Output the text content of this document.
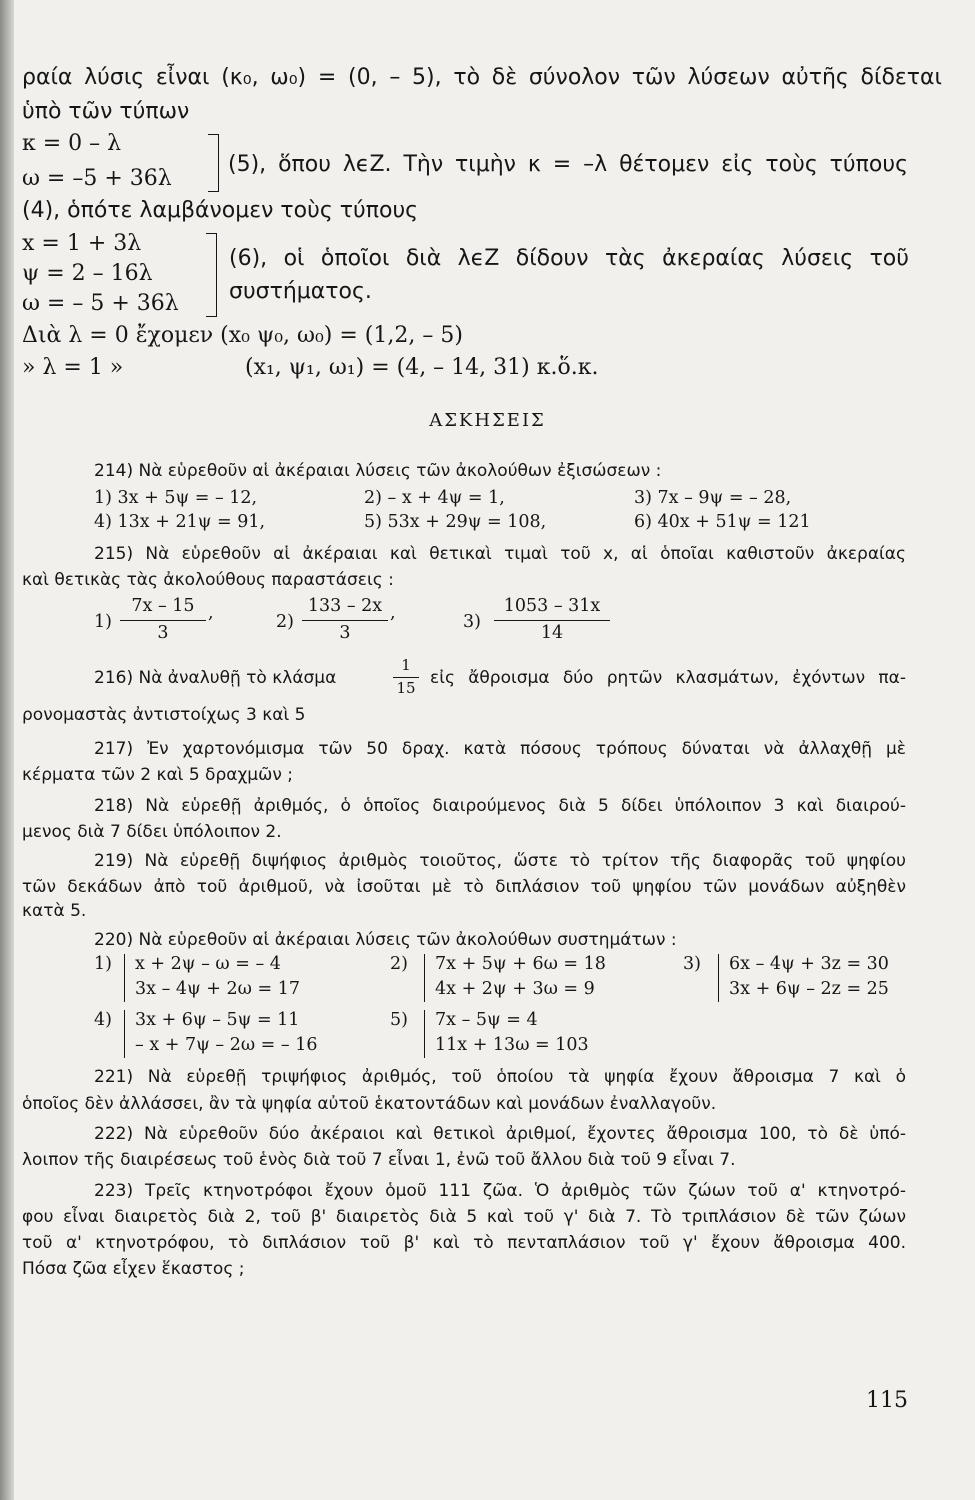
ραία λύσις εἶναι (κ₀, ω₀) = (0, – 5), τὸ δὲ σύνολον τῶν λύσεων αὐτῆς δίδεται
ὑπὸ τῶν τύπων
κ = 0 – λ
ω = –5 + 36λ
(5), ὅπου λϵΖ. Τὴν τιμὴν κ = –λ θέτομεν εἰς τοὺς τύπους
(4), ὁπότε λαμβάνομεν τοὺς τύπους
x = 1 + 3λ
ψ = 2 – 16λ
ω = – 5 + 36λ
(6), οἱ ὁποῖοι διὰ λϵΖ δίδουν τὰς ἀκεραίας λύσεις τοῦ
συστήματος.
Διὰ λ = 0 ἔχομεν (x₀ ψ₀, ω₀) = (1,2, – 5)
» λ = 1 »	(x₁, ψ₁, ω₁) = (4, – 14, 31) κ.ὅ.κ.
ΑΣΚΗΣΕΙΣ
214) Νὰ εὑρεθοῦν αἱ ἀκέραιαι λύσεις τῶν ἀκολούθων ἐξισώσεων :
1) 3x + 5ψ = – 12,	2) – x + 4ψ = 1,	3) 7x – 9ψ = – 28,
4) 13x + 21ψ = 91,	5) 53x + 29ψ = 108,	6) 40x + 51ψ = 121
215) Νὰ εὑρεθοῦν αἱ ἀκέραιαι καὶ θετικαὶ τιμαὶ τοῦ x, αἱ ὁποῖαι καθιστοῦν ἀκεραίας
καὶ θετικὰς τὰς ἀκολούθους παραστάσεις :
1)
7x – 15
3
,	2)
133 – 2x
3
,	3)
1053 – 31x
14
216) Νὰ ἀναλυθῇ τὸ κλάσμα
1
15 εἰς ἄθροισμα δύο ρητῶν κλασμάτων, ἐχόντων πα-
ρονομαστὰς ἀντιστοίχως 3 καὶ 5
217) Ἐν χαρτονόμισμα τῶν 50 δραχ. κατὰ πόσους τρόπους δύναται νὰ ἀλλαχθῇ μὲ
κέρματα τῶν 2 καὶ 5 δραχμῶν ;
218) Νὰ εὑρεθῇ ἀριθμός, ὁ ὁποῖος διαιρούμενος διὰ 5 δίδει ὑπόλοιπον 3 καὶ διαιρού-
μενος διὰ 7 δίδει ὑπόλοιπον 2.
219) Νὰ εὑρεθῇ διψήφιος ἀριθμὸς τοιοῦτος, ὥστε τὸ τρίτον τῆς διαφορᾶς τοῦ ψηφίου
τῶν δεκάδων ἀπὸ τοῦ ἀριθμοῦ, νὰ ἰσοῦται μὲ τὸ διπλάσιον τοῦ ψηφίου τῶν μονάδων αὐξηθὲν
κατὰ 5.
220) Νὰ εὑρεθοῦν αἱ ἀκέραιαι λύσεις τῶν ἀκολούθων συστημάτων :
1) x + 2ψ – ω = – 4
3x – 4ψ + 2ω = 17
2) 7x + 5ψ + 6ω = 18
4x + 2ψ + 3ω = 9
3) 6x – 4ψ + 3z = 30
3x + 6ψ – 2z = 25
4) 3x + 6ψ – 5ψ = 11
– x + 7ψ – 2ω = – 16
5) 7x – 5ψ = 4
11x + 13ω = 103
221) Νὰ εὑρεθῇ τριψήφιος ἀριθμός, τοῦ ὁποίου τὰ ψηφία ἔχουν ἄθροισμα 7 καὶ ὁ
ὁποῖος δὲν ἀλλάσσει, ἂν τὰ ψηφία αὐτοῦ ἑκατοντάδων καὶ μονάδων ἐναλλαγοῦν.
222) Νὰ εὑρεθοῦν δύο ἀκέραιοι καὶ θετικοὶ ἀριθμοί, ἔχοντες ἄθροισμα 100, τὸ δὲ ὑπό-
λοιπον τῆς διαιρέσεως τοῦ ἑνὸς διὰ τοῦ 7 εἶναι 1, ἐνῶ τοῦ ἄλλου διὰ τοῦ 9 εἶναι 7.
223) Τρεῖς κτηνοτρόφοι ἔχουν ὁμοῦ 111 ζῶα. Ὁ ἀριθμὸς τῶν ζώων τοῦ α' κτηνοτρό-
φου εἶναι διαιρετὸς διὰ 2, τοῦ β' διαιρετὸς διὰ 5 καὶ τοῦ γ' διὰ 7. Τὸ τριπλάσιον δὲ τῶν ζώων
τοῦ α' κτηνοτρόφου, τὸ διπλάσιον τοῦ β' καὶ τὸ πενταπλάσιον τοῦ γ' ἔχουν ἄθροισμα 400.
Πόσα ζῶα εἶχεν ἕκαστος ;
115
